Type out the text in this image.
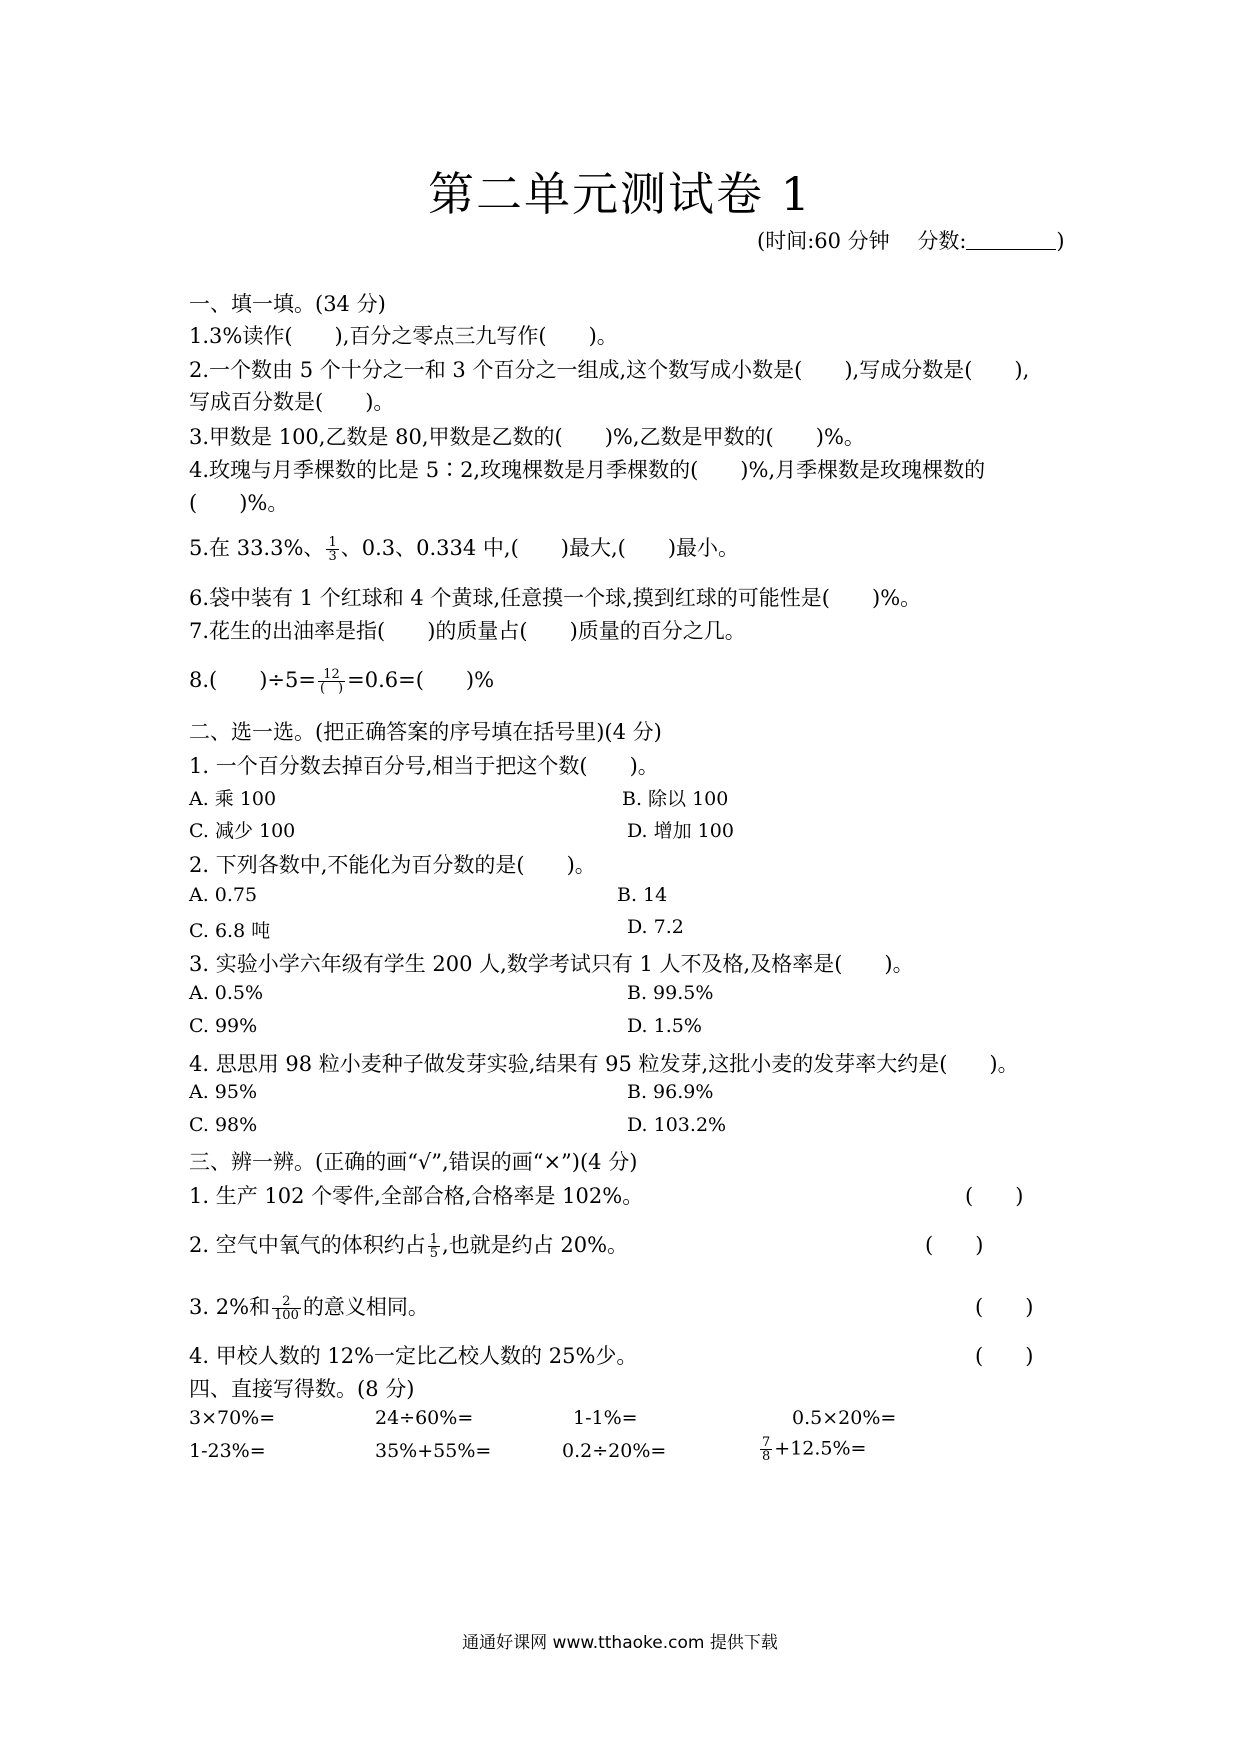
第二单元测试卷 1
(时间:60 分钟　 分数:	)
一、填一填。(34 分)
1.3%读作(　　),百分之零点三九写作(　　)。
2.一个数由 5 个十分之一和 3 个百分之一组成,这个数写成小数是(　　),写成分数是(　　),
写成百分数是(　　)。
3.甲数是 100,乙数是 80,甲数是乙数的(　　)%,乙数是甲数的(　　)%。
4.玫瑰与月季棵数的比是 5∶2,玫瑰棵数是月季棵数的(　　)%,月季棵数是玫瑰棵数的
(　　)%。
5.在 33.3%、 $\frac{1}{3}$ 、0.3、0.334 中,(　　)最大,(　　)最小。
6.袋中装有 1 个红球和 4 个黄球,任意摸一个球,摸到红球的可能性是(　　)%。
7.花生的出油率是指(　　)的质量占(　　)质量的百分之几。
8.(　　)$\div 5= \frac{12}{( )} =0.6=$(　　)%
二、选一选。(把正确答案的序号填在括号里)(4 分)
1. 一个百分数去掉百分号,相当于把这个数(　　)。
A. 乘 100	B. 除以 100
C. 减少 100	D. 增加 100
2. 下列各数中,不能化为百分数的是(　　)。
A. 0.75	B. 14
C. 6.8 吨	D. 7.2
3. 实验小学六年级有学生 200 人,数学考试只有 1 人不及格,及格率是(　　)。
A. 0.5%	B. 99.5%
C. 99%	D. 1.5%
4. 思思用 98 粒小麦种子做发芽实验,结果有 95 粒发芽,这批小麦的发芽率大约是(　　)。
A. 95%	B. 96.9%
C. 98%	D. 103.2%
三、辨一辨。(正确的画“√”,错误的画“×”)(4 分)
1. 生产 102 个零件,全部合格,合格率是 102%。	(　　)
2. 空气中氧气的体积约占 $\frac{1}{5}$ ,也就是约占 20%。	(　　)
3. 2%和 $\frac{2}{100}$ 的意义相同。	(　　)
4. 甲校人数的 12%一定比乙校人数的 25%少。	(　　)
四、直接写得数。(8 分)
3×70%=	24÷60%=	1-1%=	0.5×20%=
1-23%=	35%+55%=	0.2÷20%=	$\frac{7}{8} +12.5\%=$
通通好课网 www.tthaoke.com 提供下载
